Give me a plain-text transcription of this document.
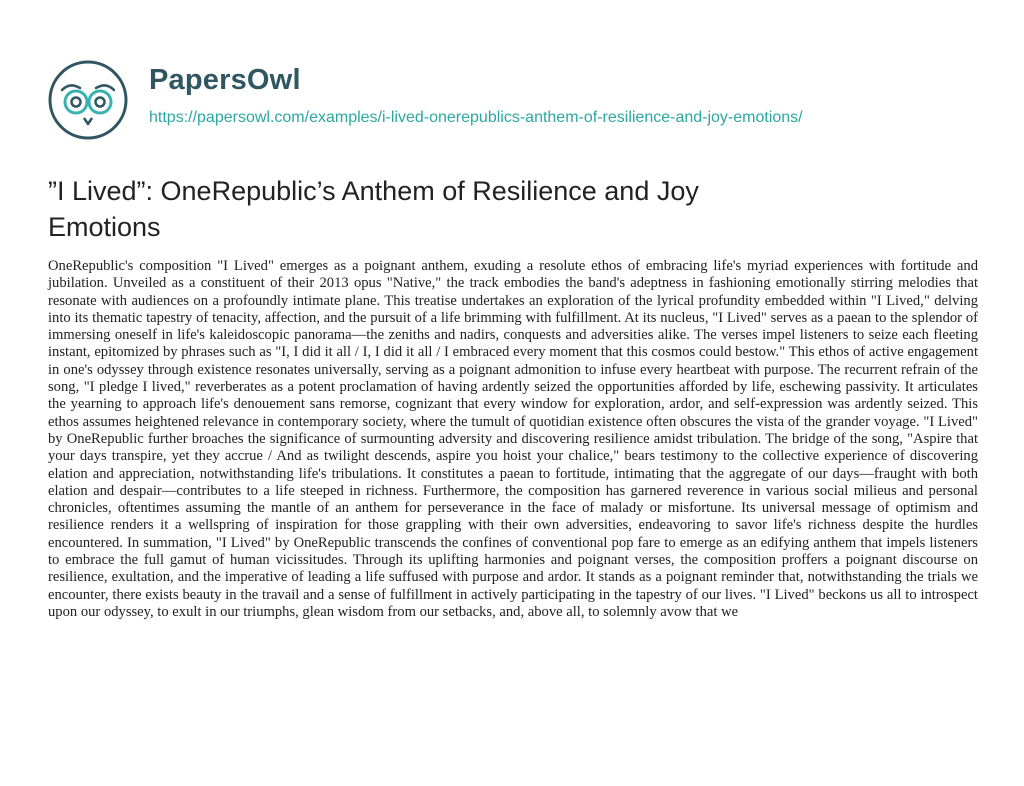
PapersOwl
https://papersowl.com/examples/i-lived-onerepublics-anthem-of-resilience-and-joy-emotions/
”I Lived”: OneRepublic’s Anthem of Resilience and Joy Emotions

OneRepublic's composition "I Lived" emerges as a poignant anthem, exuding a resolute ethos of embracing life's myriad experiences with fortitude and jubilation. Unveiled as a constituent of their 2013 opus "Native," the track embodies the band's adeptness in fashioning emotionally stirring melodies that resonate with audiences on a profoundly intimate plane. This treatise undertakes an exploration of the lyrical profundity embedded within "I Lived," delving into its thematic tapestry of tenacity, affection, and the pursuit of a life brimming with fulfillment. At its nucleus, "I Lived" serves as a paean to the splendor of immersing oneself in life's kaleidoscopic panorama—the zeniths and nadirs, conquests and adversities alike. The verses impel listeners to seize each fleeting instant, epitomized by phrases such as "I, I did it all / I, I did it all / I embraced every moment that this cosmos could bestow." This ethos of active engagement in one's odyssey through existence resonates universally, serving as a poignant admonition to infuse every heartbeat with purpose. The recurrent refrain of the song, "I pledge I lived," reverberates as a potent proclamation of having ardently seized the opportunities afforded by life, eschewing passivity. It articulates the yearning to approach life's denouement sans remorse, cognizant that every window for exploration, ardor, and self-expression was ardently seized. This ethos assumes heightened relevance in contemporary society, where the tumult of quotidian existence often obscures the vista of the grander voyage. "I Lived" by OneRepublic further broaches the significance of surmounting adversity and discovering resilience amidst tribulation. The bridge of the song, "Aspire that your days transpire, yet they accrue / And as twilight descends, aspire you hoist your chalice," bears testimony to the collective experience of discovering elation and appreciation, notwithstanding life's tribulations. It constitutes a paean to fortitude, intimating that the aggregate of our days—fraught with both elation and despair—contributes to a life steeped in richness. Furthermore, the composition has garnered reverence in various social milieus and personal chronicles, oftentimes assuming the mantle of an anthem for perseverance in the face of malady or misfortune. Its universal message of optimism and resilience renders it a wellspring of inspiration for those grappling with their own adversities, endeavoring to savor life's richness despite the hurdles encountered. In summation, "I Lived" by OneRepublic transcends the confines of conventional pop fare to emerge as an edifying anthem that impels listeners to embrace the full gamut of human vicissitudes. Through its uplifting harmonies and poignant verses, the composition proffers a poignant discourse on resilience, exultation, and the imperative of leading a life suffused with purpose and ardor. It stands as a poignant reminder that, notwithstanding the trials we encounter, there exists beauty in the travail and a sense of fulfillment in actively participating in the tapestry of our lives. "I Lived" beckons us all to introspect upon our odyssey, to exult in our triumphs, glean wisdom from our setbacks, and, above all, to solemnly avow that we
